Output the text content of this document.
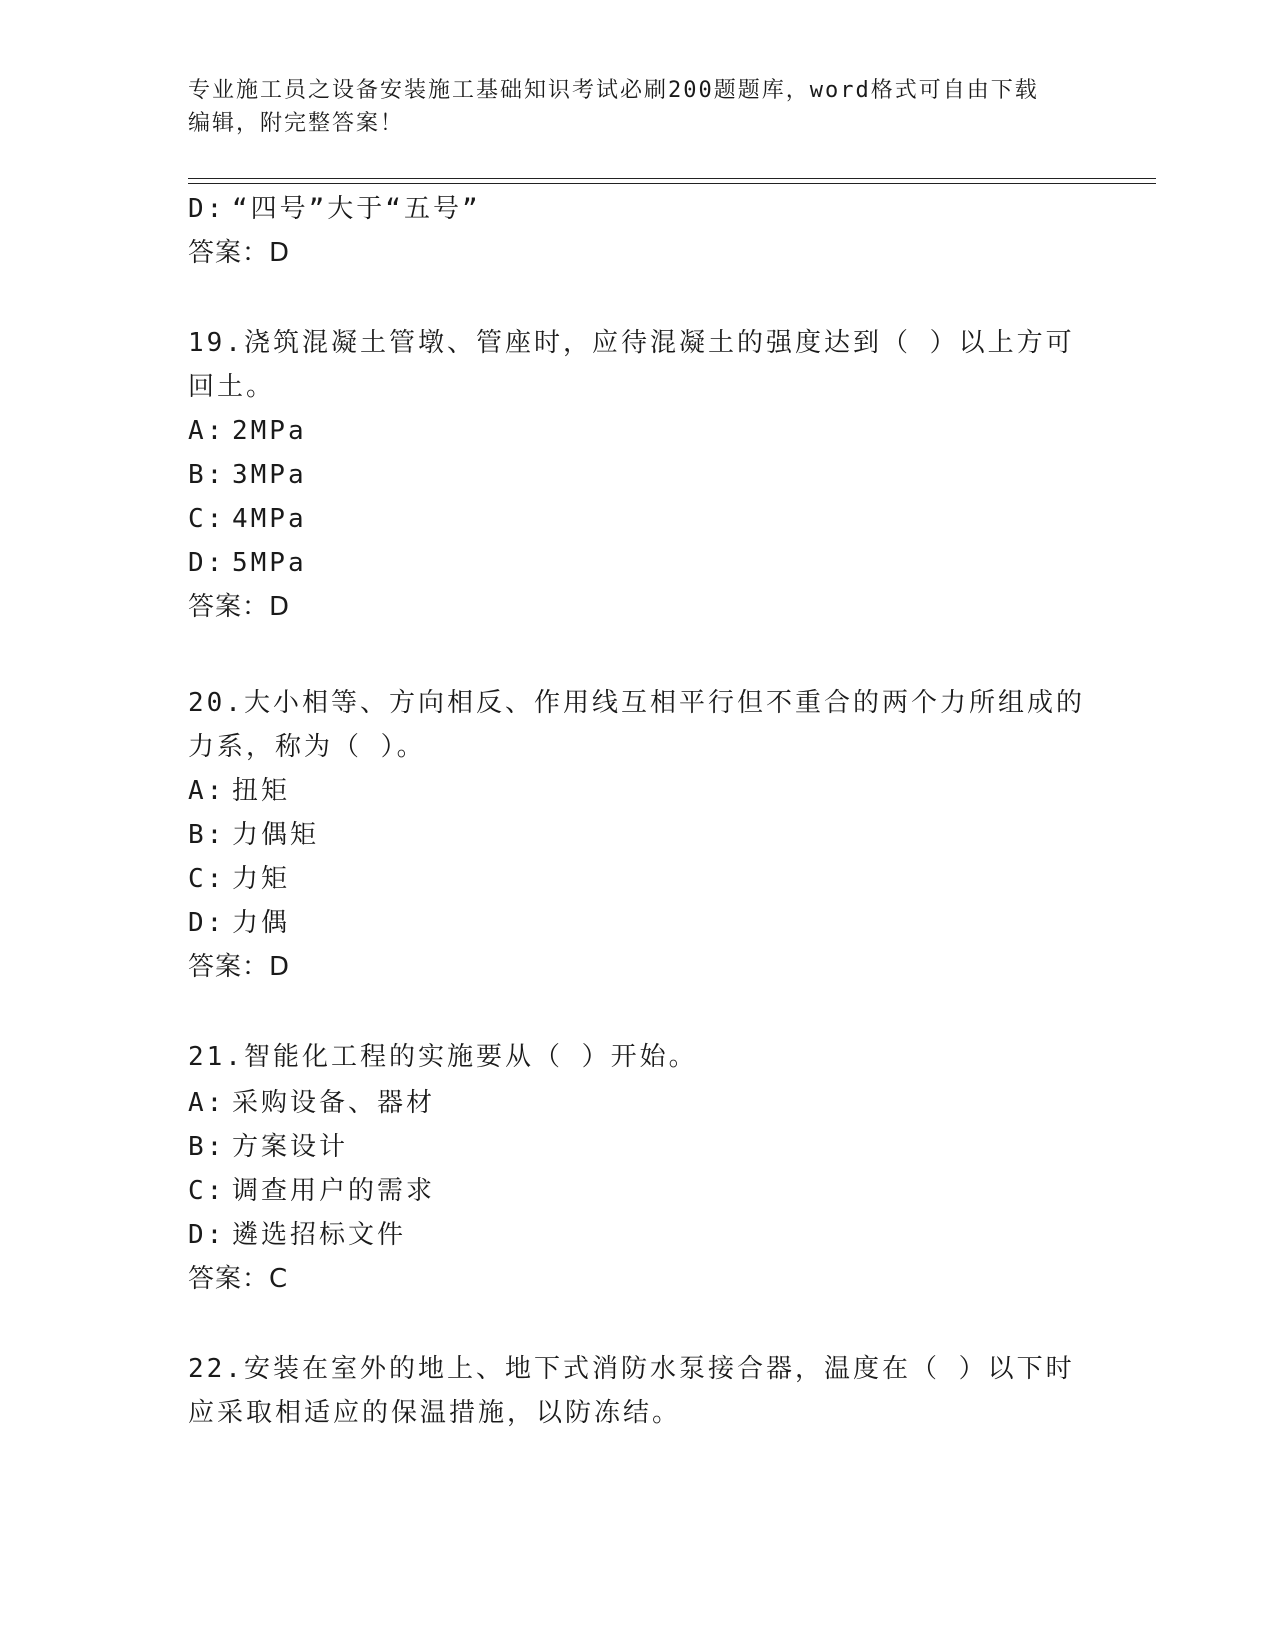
专业施工员之设备安装施工基础知识考试必刷200题题库，word格式可自由下载
编辑，附完整答案！
D: “四号”大于“五号”
答案：D
19.浇筑混凝土管墩、管座时，应待混凝土的强度达到（ ）以上方可
回土。
A: 2MPa
B: 3MPa
C: 4MPa
D: 5MPa
答案：D
20.大小相等、方向相反、作用线互相平行但不重合的两个力所组成的
力系，称为（ ）。
A: 扭矩
B: 力偶矩
C: 力矩
D: 力偶
答案：D
21.智能化工程的实施要从（ ）开始。
A: 采购设备、器材
B: 方案设计
C: 调查用户的需求
D: 遴选招标文件
答案：C
22.安装在室外的地上、地下式消防水泵接合器，温度在（ ）以下时
应采取相适应的保温措施，以防冻结。
